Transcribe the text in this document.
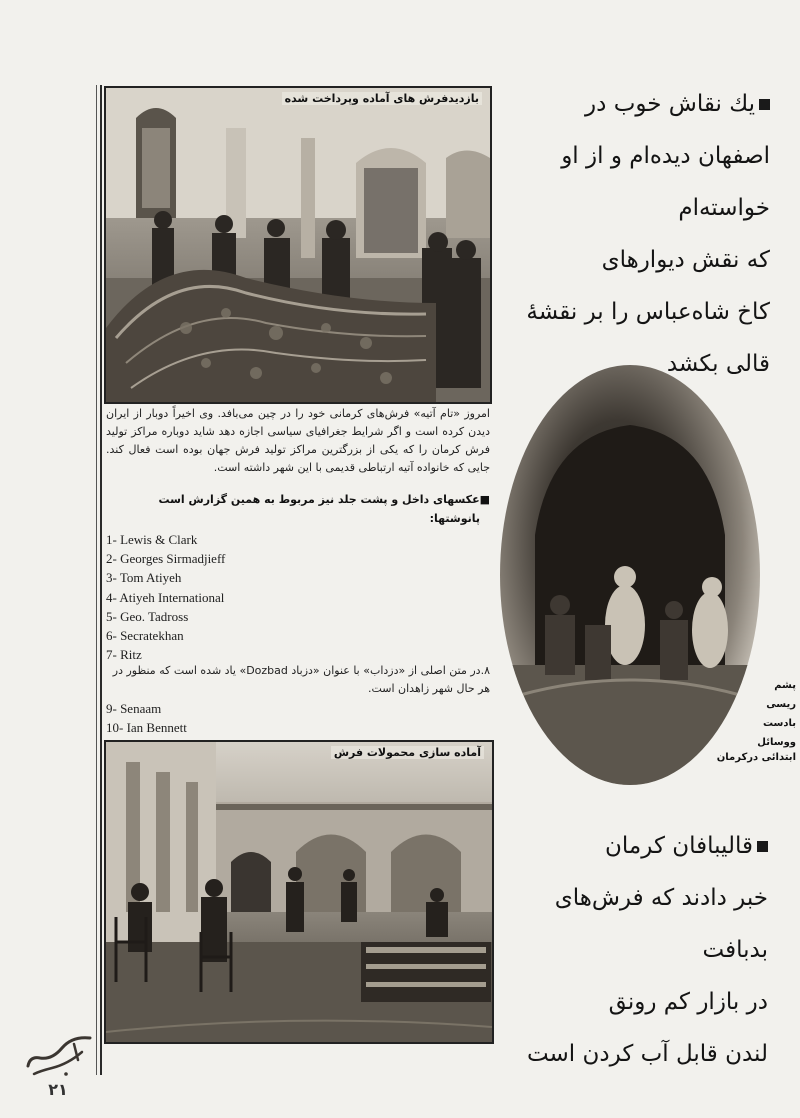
بازدیدفرش های آماده وپرداخت شده
امروز «تام آتیه» فرش‌های کرمانی خود را در چین می‌بافد. وی اخیراً دوبار از ایران دیدن کرده است و اگر شرایط جغرافیای سیاسی اجازه دهد شاید دوباره مراکز تولید فرش کرمان را که یکی از بزرگترین مراکز تولید فرش جهان بوده است فعال کند. جایی که خانواده آتیه ارتباطی قدیمی با این شهر داشته است.
■عکسهای داخل و پشت جلد نیز مربوط به همین گزارش است
پانوشتها:
1- Lewis & Clark
2- Georges Sirmadjieff
3- Tom Atiyeh
4- Atiyeh International
5- Geo. Tadross
6- Secratekhan
7- Ritz
۸.در متن اصلی از «دزداب» با عنوان «دزباد Dozbad» یاد شده است که منظور در هر حال شهر زاهدان است.
9- Senaam
10- Ian Bennett
آماده سازی محمولات فرش
یك نقاش خوب در
اصفهان دیده‌ام و از او خواسته‌ام
كه نقش دیوارهای
كاخ شاه‌عباس را بر نقشهٔ
قالی بكشد
پشم
ریسی
بادست
ووسائل
ابتدائی درکرمان
قالیبافان كرمان
خبر دادند كه فرش‌های
بدبافت
در بازار كم رونق
لندن قابل آب كردن است
۲۱
